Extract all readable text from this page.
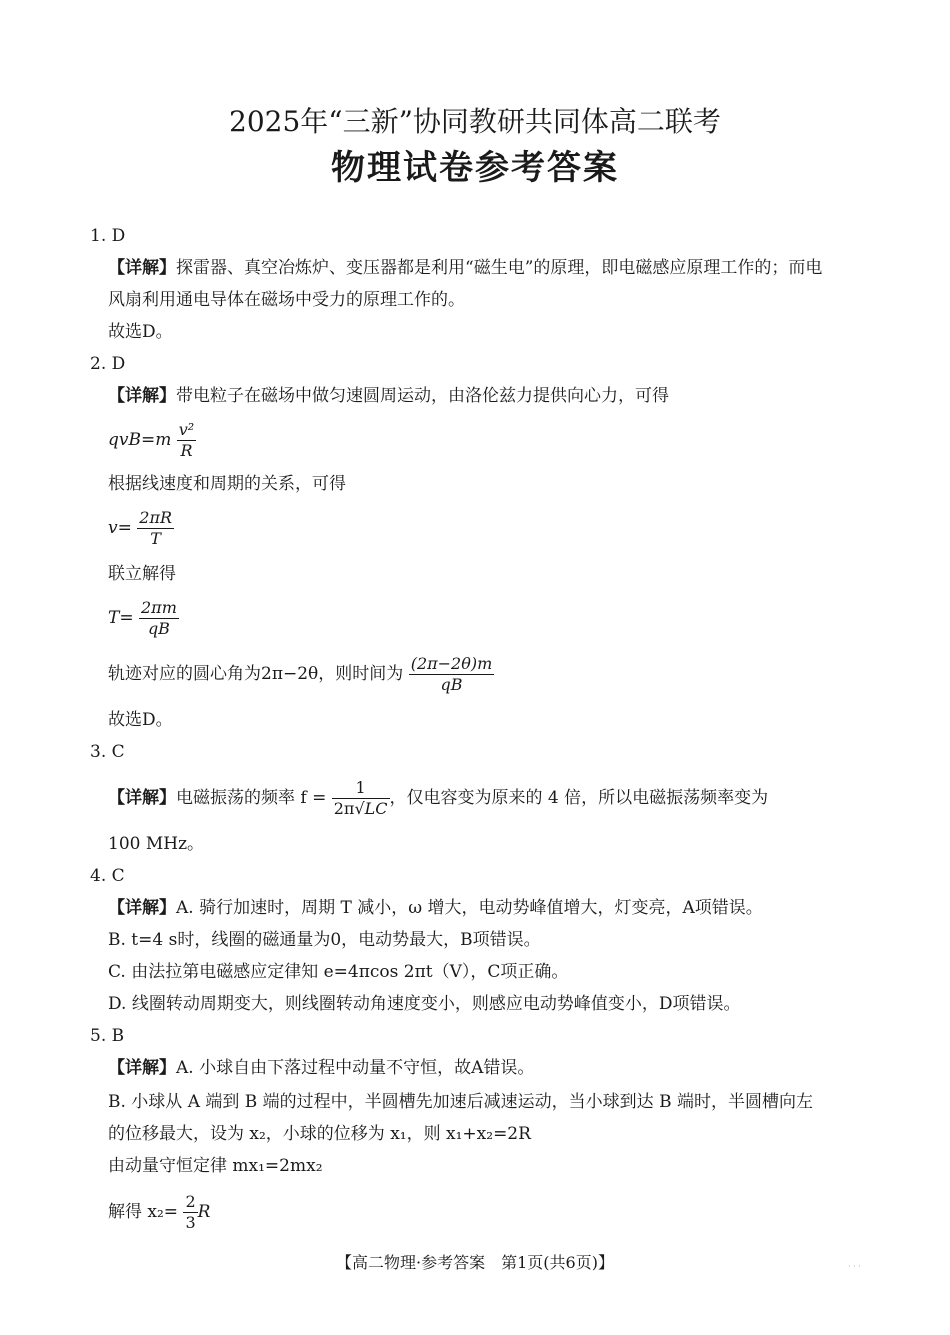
2025年“三新”协同教研共同体高二联考
物理试卷参考答案
1. D
【详解】探雷器、真空冶炼炉、变压器都是利用“磁生电”的原理，即电磁感应原理工作的；而电
风扇利用通电导体在磁场中受力的原理工作的。
故选D。
2. D
【详解】带电粒子在磁场中做匀速圆周运动，由洛伦兹力提供向心力，可得
$qvB=m \frac{\text{v²}}{R}$
根据线速度和周期的关系，可得
$v= \frac{2\pi R}{T}$
联立解得
$T= \frac{2\pi m}{qB}$
轨迹对应的圆心角为2π−2θ，则时间为 $\frac{(2\pi-2\theta)m}{qB}$
故选D。
3. C
【详解】电磁振荡的频率 $f = \frac{1}{2\pi√LC}$ ，仅电容变为原来的 4 倍，所以电磁振荡频率变为
100 MHz。
4. C
【详解】A. 骑行加速时，周期 T 减小，ω 增大，电动势峰值增大，灯变亮，A项错误。
B. t=4 s时，线圈的磁通量为0，电动势最大，B项错误。
C. 由法拉第电磁感应定律知 e=4πcos 2πt（V），C项正确。
D. 线圈转动周期变大，则线圈转动角速度变小，则感应电动势峰值变小，D项错误。
5. B
【详解】A. 小球自由下落过程中动量不守恒，故A错误。
B. 小球从 A 端到 B 端的过程中，半圆槽先加速后减速运动，当小球到达 B 端时，半圆槽向左
的位移最大，设为 x₂，小球的位移为 x₁，则 x₁+x₂=2R
由动量守恒定律 mx₁=2mx₂
解得 $x_2= \frac{2}{3}$ R
【高二物理·参考答案　第1页(共6页)】	· · ·
